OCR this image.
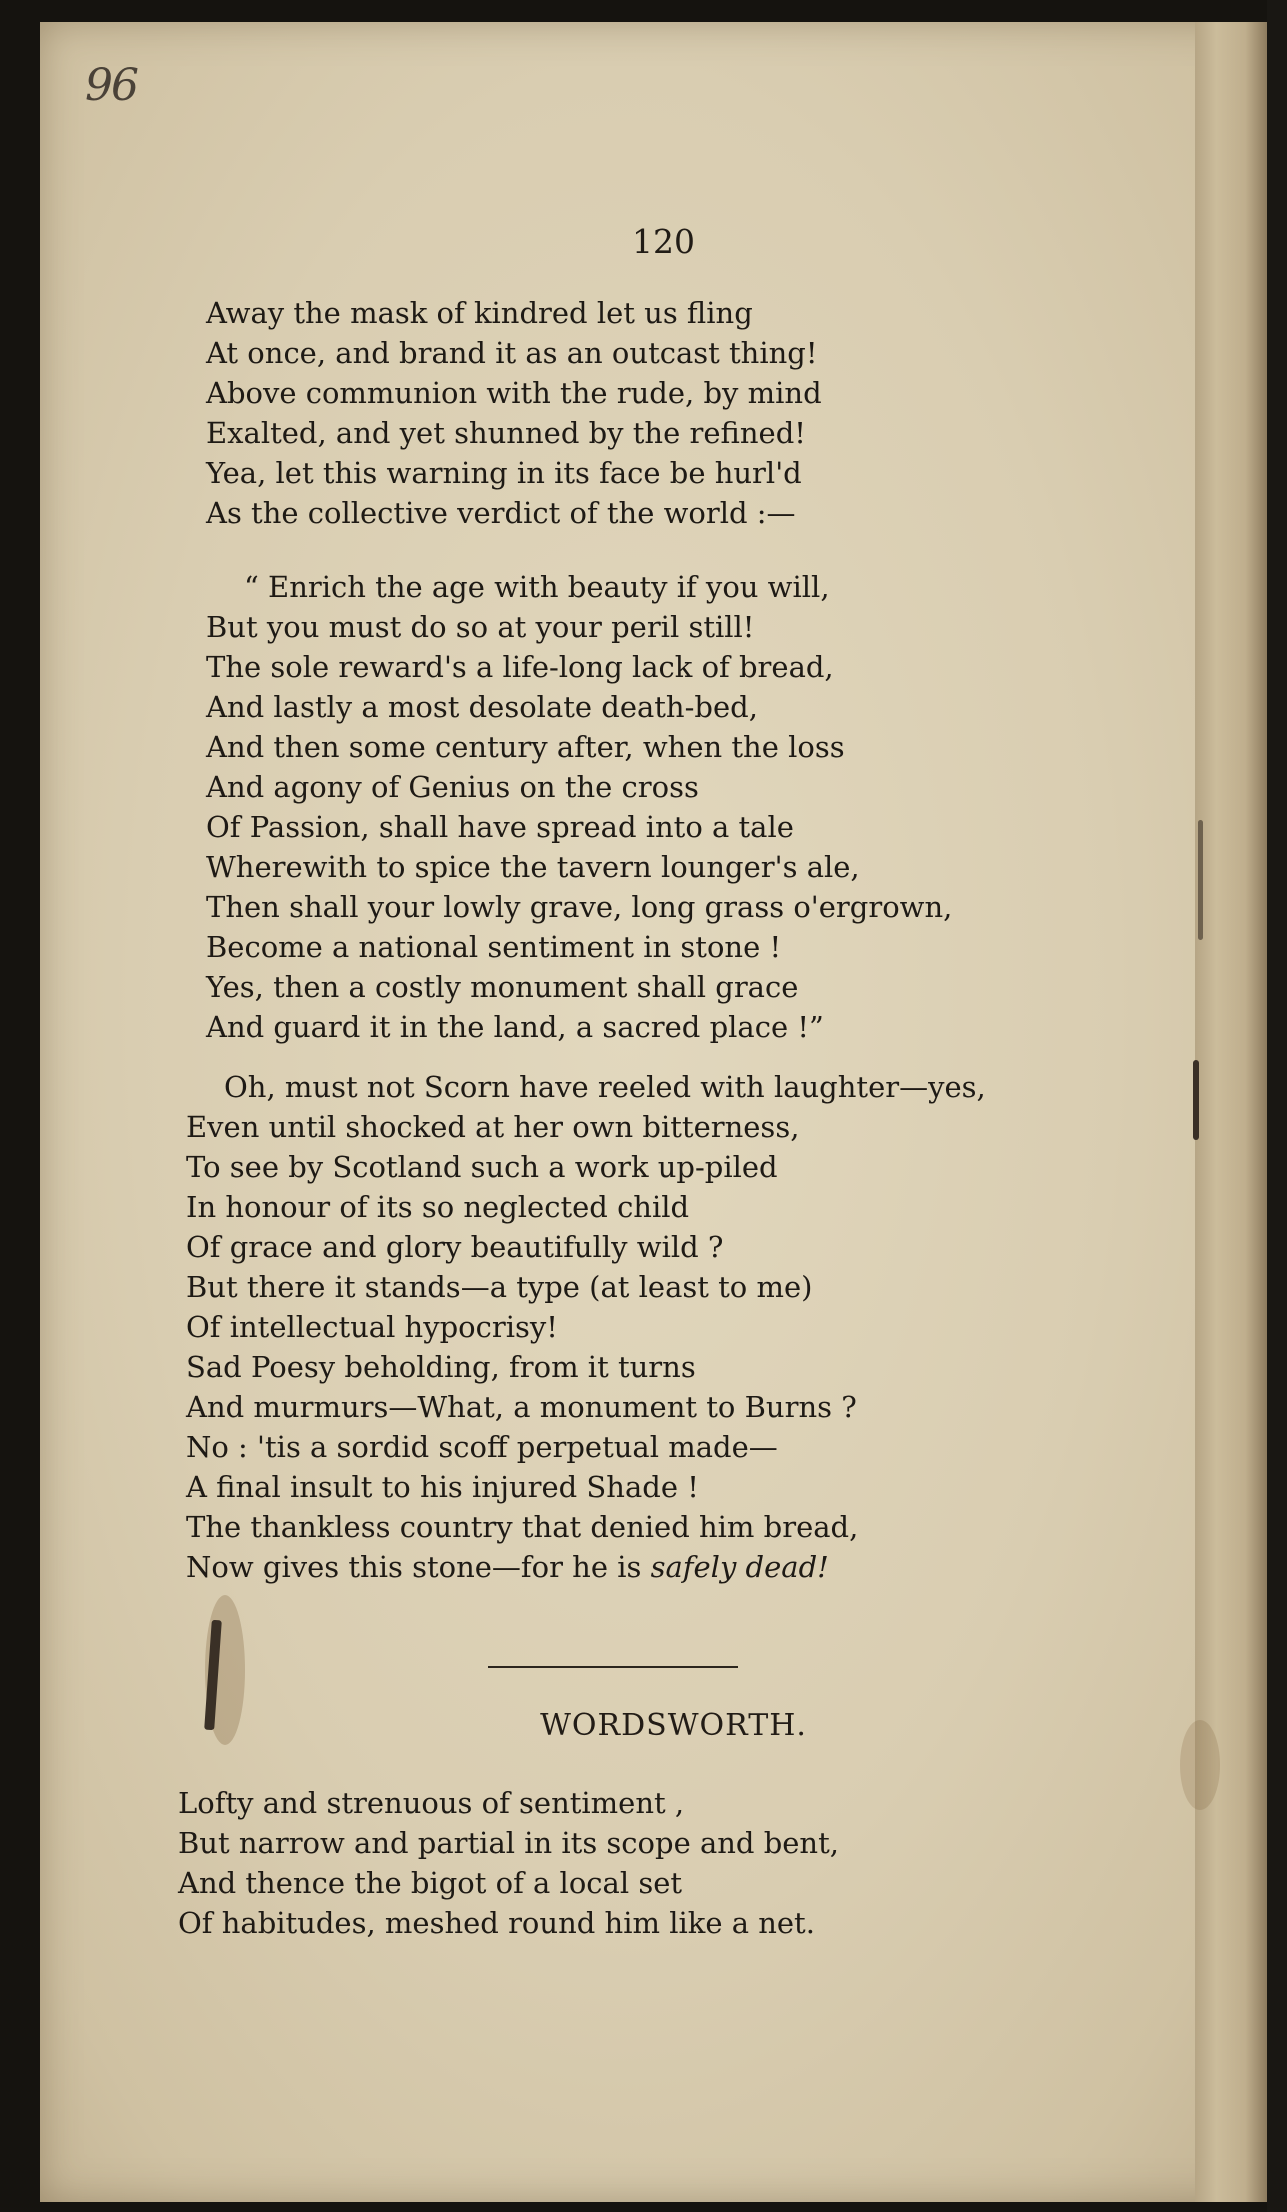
96
120
Away the mask of kindred let us fling
At once, and brand it as an outcast thing!
Above communion with the rude, by mind
Exalted, and yet shunned by the refined!
Yea, let this warning in its face be hurl'd
As the collective verdict of the world :—
“ Enrich the age with beauty if you will,
But you must do so at your peril still!
The sole reward's a life-long lack of bread,
And lastly a most desolate death-bed,
And then some century after, when the loss
And agony of Genius on the cross
Of Passion, shall have spread into a tale
Wherewith to spice the tavern lounger's ale,
Then shall your lowly grave, long grass o'ergrown,
Become a national sentiment in stone !
Yes, then a costly monument shall grace
And guard it in the land, a sacred place !”
Oh, must not Scorn have reeled with laughter—yes,
Even until shocked at her own bitterness,
To see by Scotland such a work up-piled
In honour of its so neglected child
Of grace and glory beautifully wild ?
But there it stands—a type (at least to me)
Of intellectual hypocrisy!
Sad Poesy beholding, from it turns
And murmurs—What, a monument to Burns ?
No : 'tis a sordid scoff perpetual made—
A final insult to his injured Shade !
The thankless country that denied him bread,
Now gives this stone—for he is safely dead!
WORDSWORTH.
Lofty and strenuous of sentiment ,
But narrow and partial in its scope and bent,
And thence the bigot of a local set
Of habitudes, meshed round him like a net.
